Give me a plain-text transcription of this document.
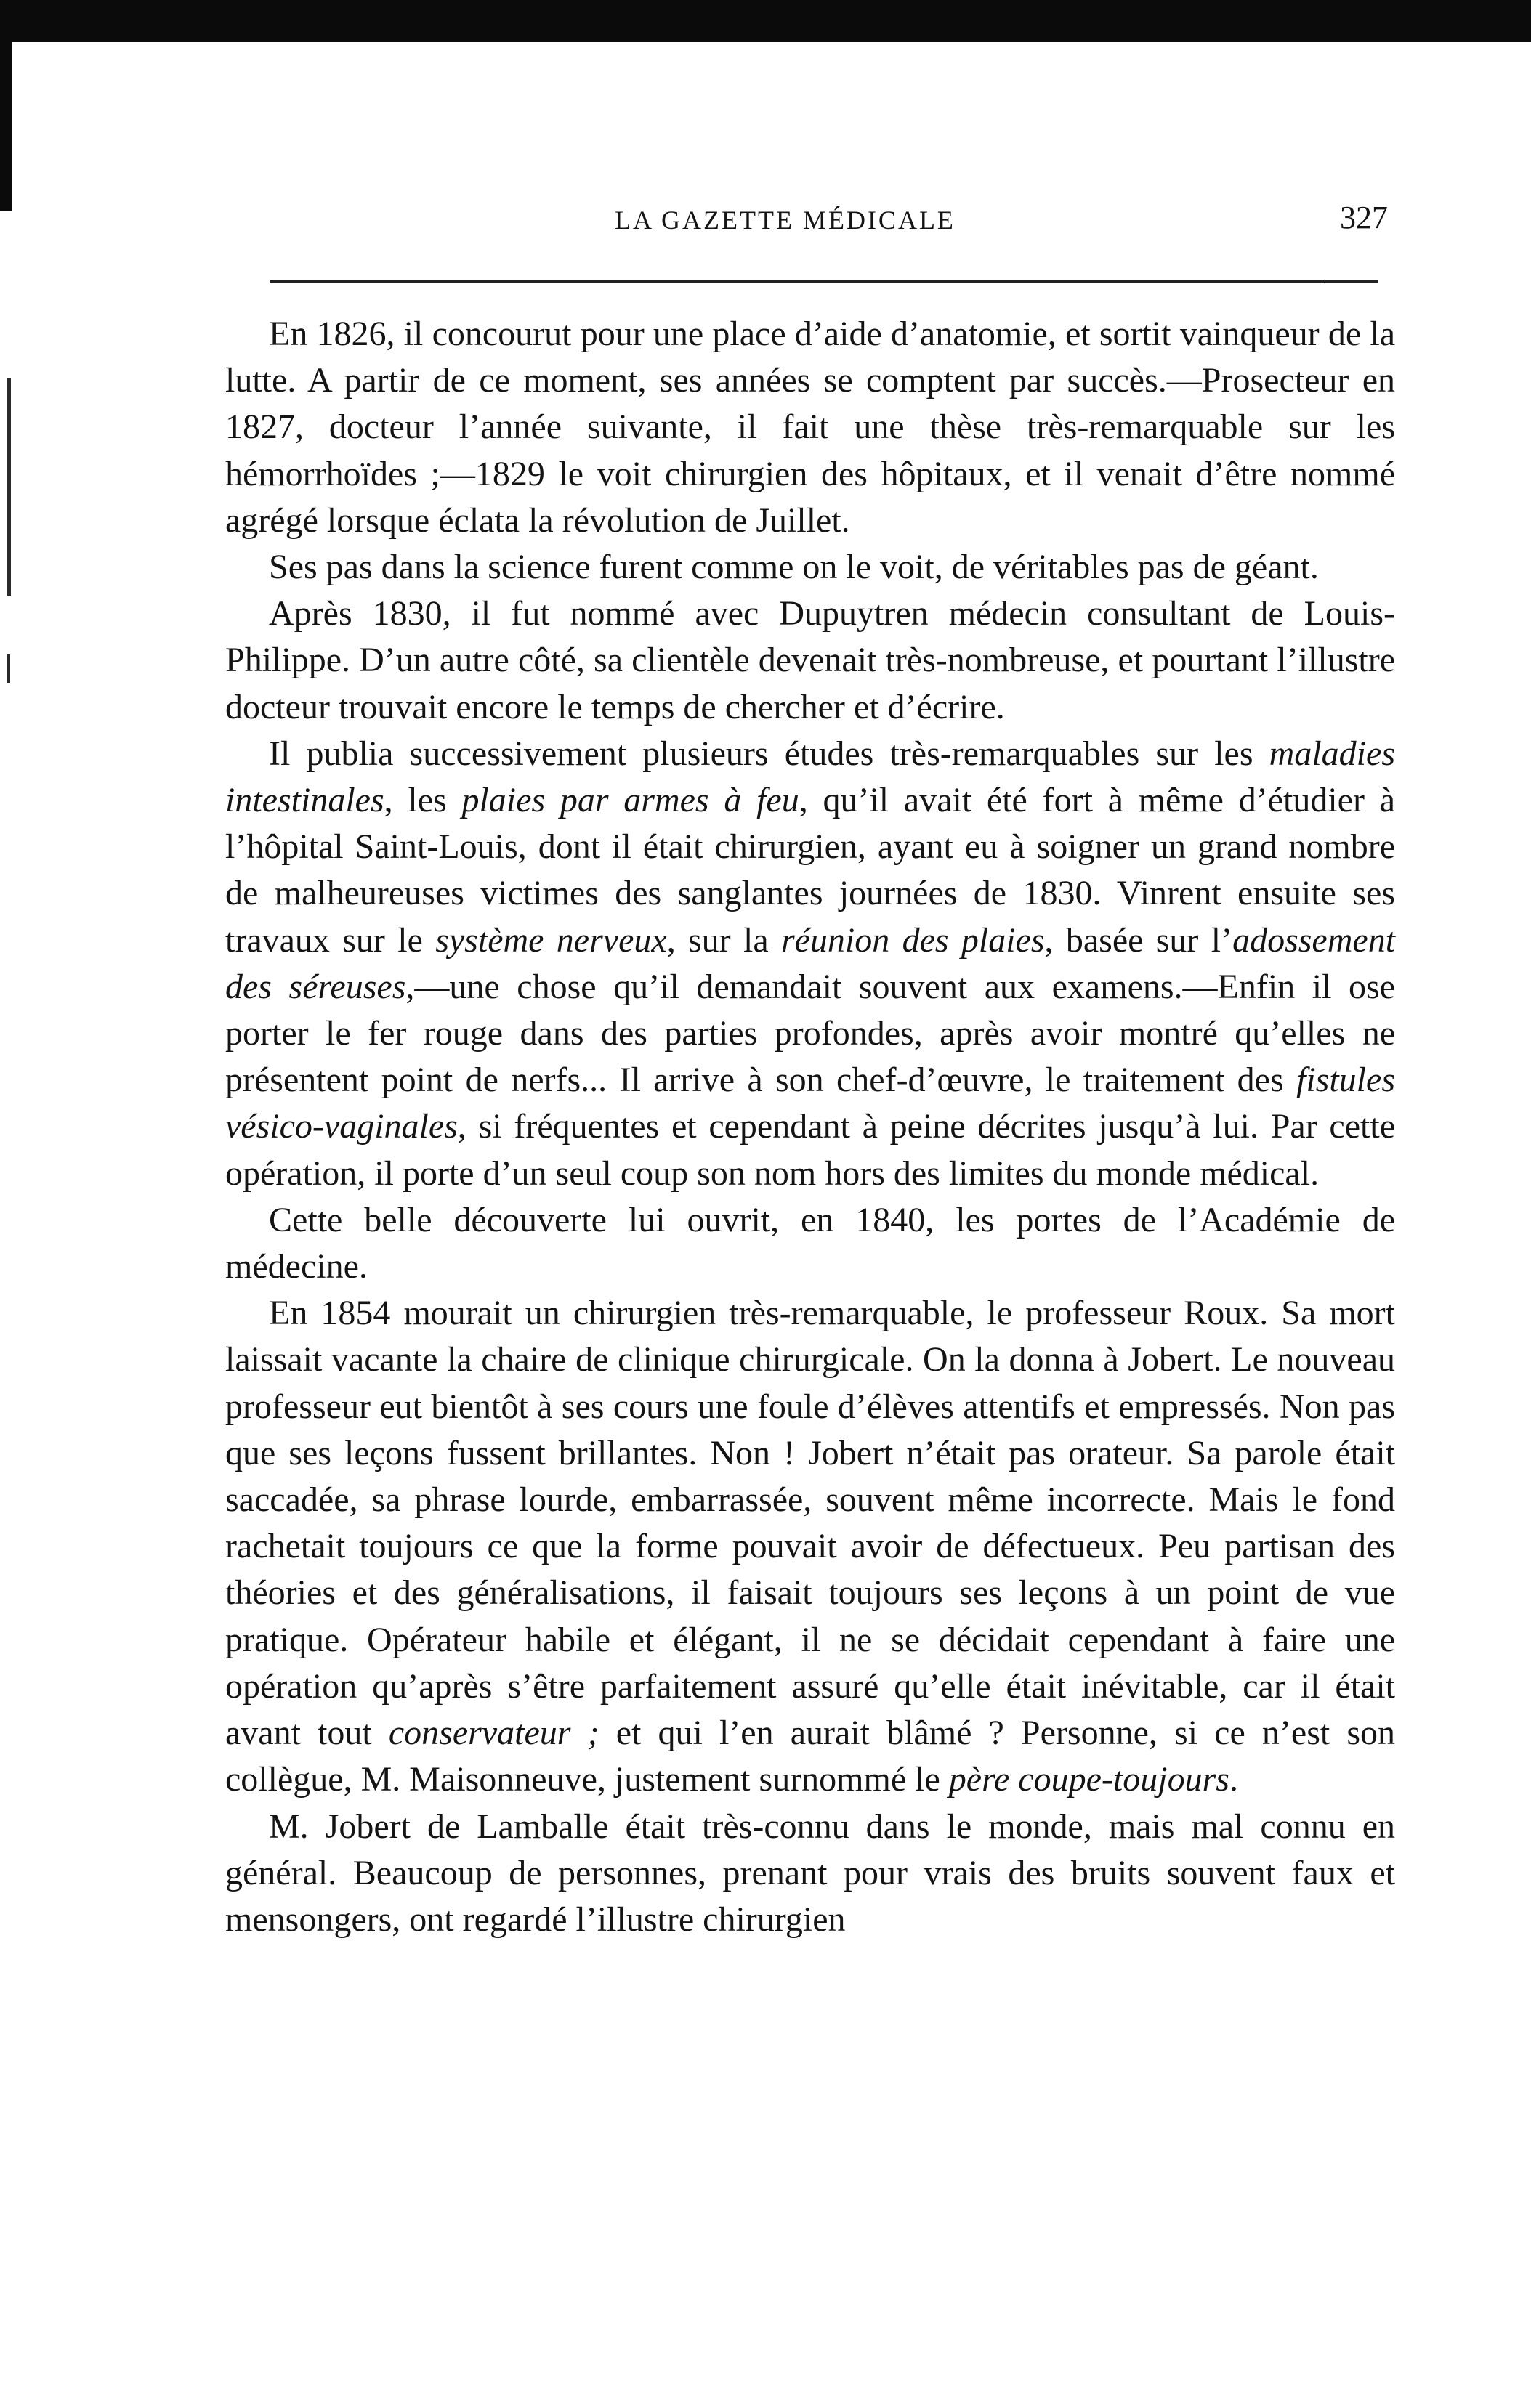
LA GAZETTE MÉDICALE	327

En 1826, il concourut pour une place d’aide d’anatomie, et sortit vainqueur de la lutte. A partir de ce moment, ses années se comptent par succès.—Prosecteur en 1827, docteur l’année suivante, il fait une thèse très-remarquable sur les hémorrhoïdes ;—1829 le voit chirurgien des hôpitaux, et il venait d’être nommé agrégé lorsque éclata la révolution de Juillet.

Ses pas dans la science furent comme on le voit, de véritables pas de géant.

Après 1830, il fut nommé avec Dupuytren médecin consultant de Louis-Philippe. D’un autre côté, sa clientèle devenait très-nombreuse, et pourtant l’illustre docteur trouvait encore le temps de chercher et d’écrire.

Il publia successivement plusieurs études très-remarquables sur les maladies intestinales, les plaies par armes à feu, qu’il avait été fort à même d’étudier à l’hôpital Saint-Louis, dont il était chirurgien, ayant eu à soigner un grand nombre de malheureuses victimes des sanglantes journées de 1830. Vinrent ensuite ses travaux sur le système nerveux, sur la réunion des plaies, basée sur l’adossement des séreuses,—une chose qu’il demandait souvent aux examens.—Enfin il ose porter le fer rouge dans des parties profondes, après avoir montré qu’elles ne présentent point de nerfs... Il arrive à son chef-d’œuvre, le traitement des fistules vésico-vaginales, si fréquentes et cependant à peine décrites jusqu’à lui. Par cette opération, il porte d’un seul coup son nom hors des limites du monde médical.

Cette belle découverte lui ouvrit, en 1840, les portes de l’Académie de médecine.

En 1854 mourait un chirurgien très-remarquable, le professeur Roux. Sa mort laissait vacante la chaire de clinique chirurgicale. On la donna à Jobert. Le nouveau professeur eut bientôt à ses cours une foule d’élèves attentifs et empressés. Non pas que ses leçons fussent brillantes. Non ! Jobert n’était pas orateur. Sa parole était saccadée, sa phrase lourde, embarrassée, souvent même incorrecte. Mais le fond rachetait toujours ce que la forme pouvait avoir de défectueux. Peu partisan des théories et des généralisations, il faisait toujours ses leçons à un point de vue pratique. Opérateur habile et élégant, il ne se décidait cependant à faire une opération qu’après s’être parfaitement assuré qu’elle était inévitable, car il était avant tout conservateur ; et qui l’en aurait blâmé ? Personne, si ce n’est son collègue, M. Maisonneuve, justement surnommé le père coupe-toujours.

M. Jobert de Lamballe était très-connu dans le monde, mais mal connu en général. Beaucoup de personnes, prenant pour vrais des bruits souvent faux et mensongers, ont regardé l’illustre chirurgien
